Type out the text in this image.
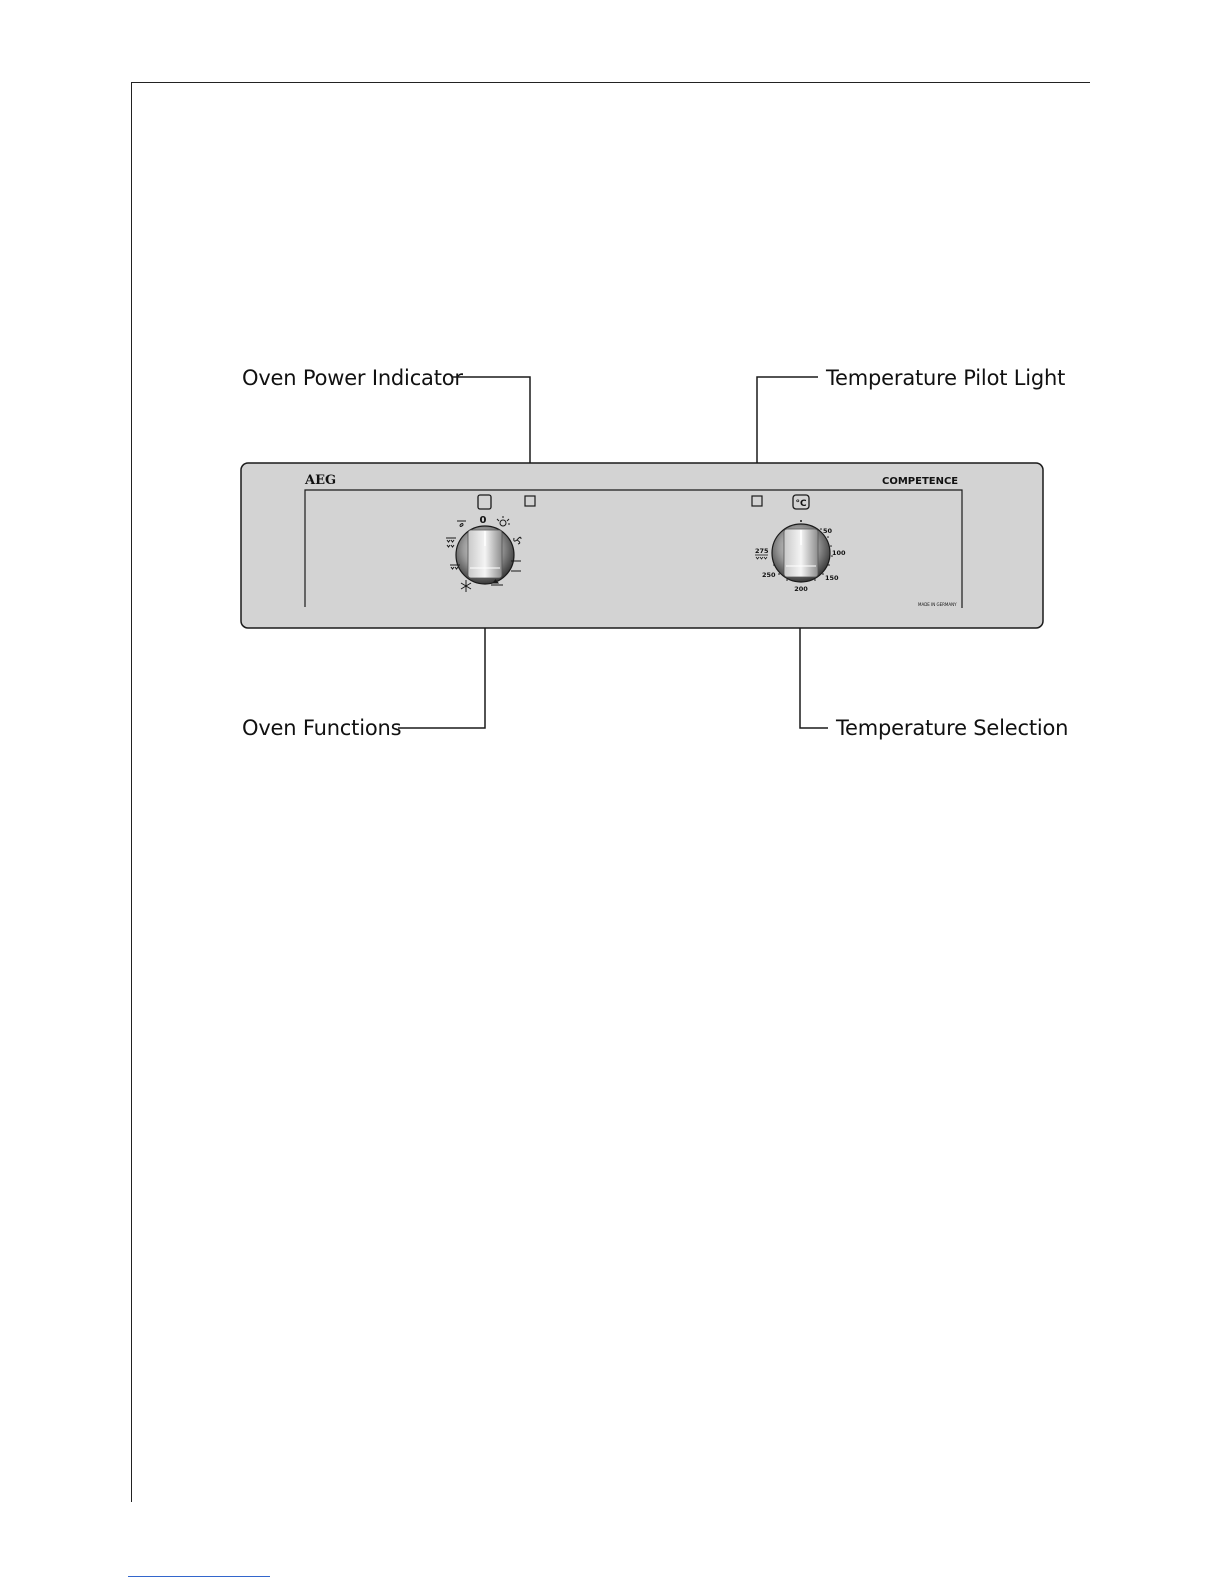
Oven Power Indicator	Temperature Pilot Light
Oven Functions	Temperature Selection
AEG	COMPETENCE
MADE IN GERMANY
°C
0
50
100
150
200
250
275
